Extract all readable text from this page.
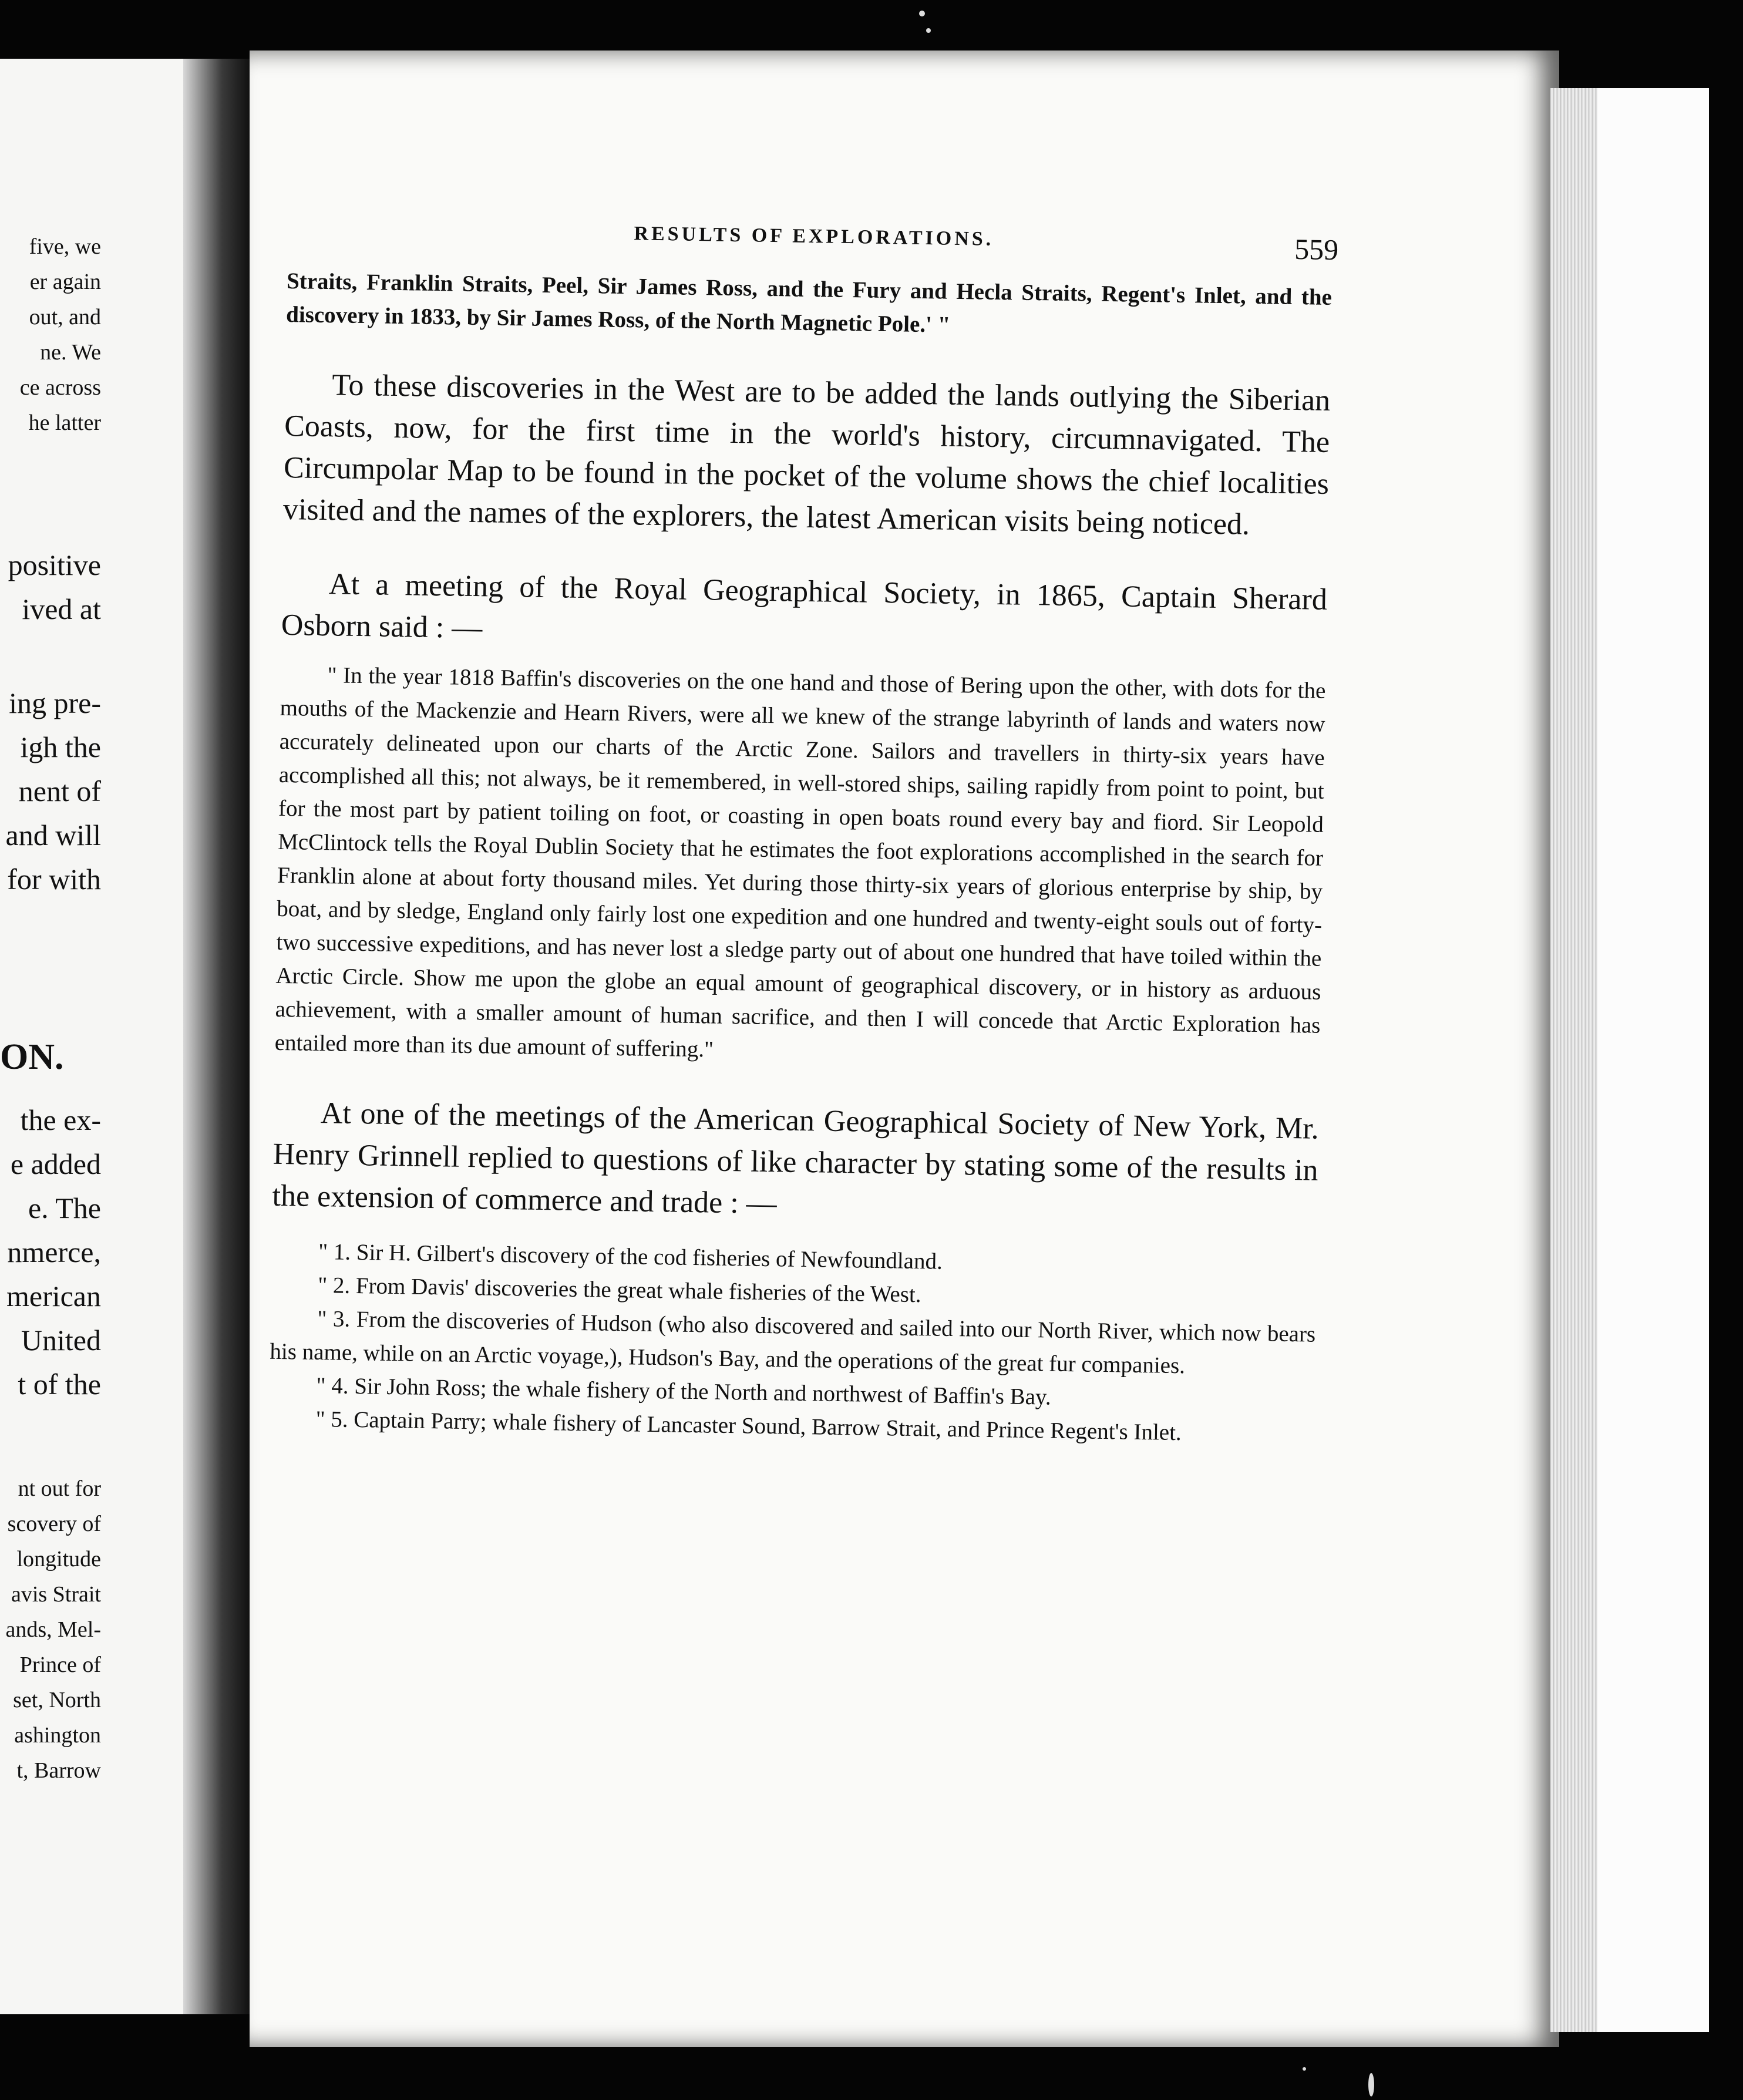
five, we
er again
out, and
ne. We
ce across
he latter
positive
ived at
ing pre-
igh the
nent of
and will
for with
ON.
the ex-
e added
e. The
nmerce,
merican
United
t of the
nt out for
scovery of
longitude
avis Strait
ands, Mel-
Prince of
set, North
ashington
t, Barrow
RESULTS OF EXPLORATIONS.	559

Straits, Franklin Straits, Peel, Sir James Ross, and the Fury and Hecla Straits, Regent's Inlet, and the discovery in 1833, by Sir James Ross, of the North Magnetic Pole.' "

To these discoveries in the West are to be added the lands outlying the Siberian Coasts, now, for the first time in the world's history, circumnavigated. The Circumpolar Map to be found in the pocket of the volume shows the chief localities visited and the names of the explorers, the latest American visits being noticed.

At a meeting of the Royal Geographical Society, in 1865, Captain Sherard Osborn said : —

" In the year 1818 Baffin's discoveries on the one hand and those of Bering upon the other, with dots for the mouths of the Mackenzie and Hearn Rivers, were all we knew of the strange labyrinth of lands and waters now accurately delineated upon our charts of the Arctic Zone. Sailors and travellers in thirty-six years have accomplished all this; not always, be it remembered, in well-stored ships, sailing rapidly from point to point, but for the most part by patient toiling on foot, or coasting in open boats round every bay and fiord. Sir Leopold McClintock tells the Royal Dublin Society that he estimates the foot explorations accomplished in the search for Franklin alone at about forty thousand miles. Yet during those thirty-six years of glorious enterprise by ship, by boat, and by sledge, England only fairly lost one expedition and one hundred and twenty-eight souls out of forty-two successive expeditions, and has never lost a sledge party out of about one hundred that have toiled within the Arctic Circle. Show me upon the globe an equal amount of geographical discovery, or in history as arduous achievement, with a smaller amount of human sacrifice, and then I will concede that Arctic Exploration has entailed more than its due amount of suffering."

At one of the meetings of the American Geographical Society of New York, Mr. Henry Grinnell replied to questions of like character by stating some of the results in the extension of commerce and trade : —

" 1. Sir H. Gilbert's discovery of the cod fisheries of Newfoundland.

" 2. From Davis' discoveries the great whale fisheries of the West.

" 3. From the discoveries of Hudson (who also discovered and sailed into our North River, which now bears his name, while on an Arctic voyage,), Hudson's Bay, and the operations of the great fur companies.

" 4. Sir John Ross; the whale fishery of the North and northwest of Baffin's Bay.

" 5. Captain Parry; whale fishery of Lancaster Sound, Barrow Strait, and Prince Regent's Inlet.
